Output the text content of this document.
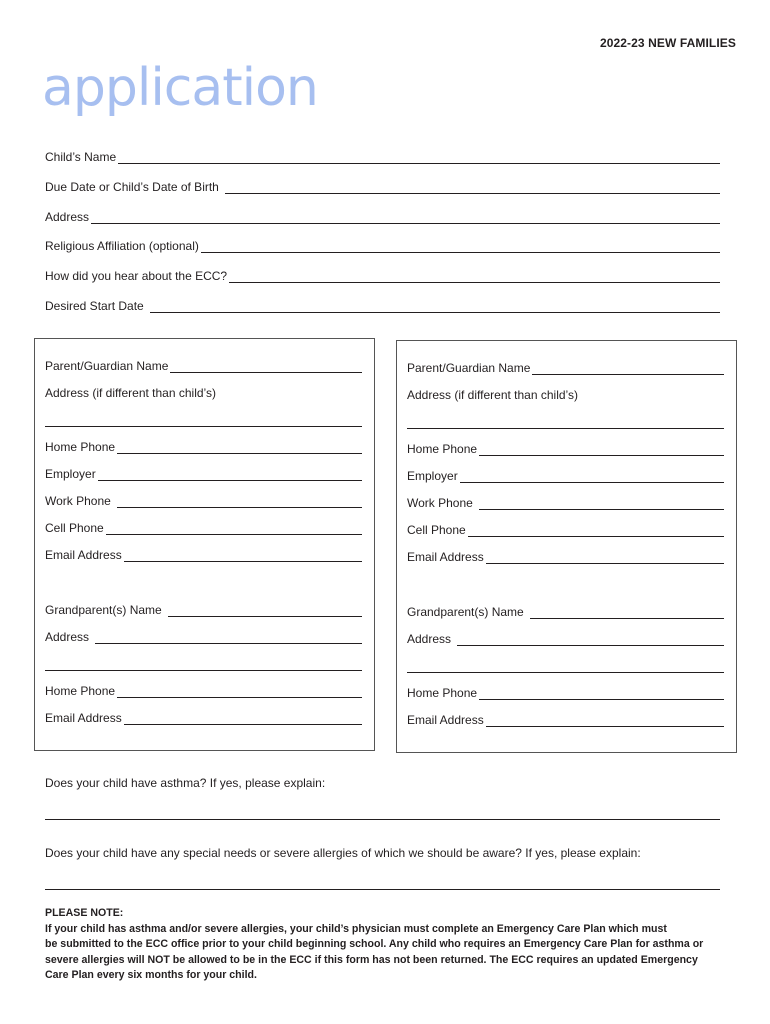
2022-23 NEW FAMILIES
application
Child’s Name
Due Date or Child’s Date of Birth
Address
Religious Affiliation (optional)
How did you hear about the ECC?
Desired Start Date
Parent/Guardian Name
Address (if different than child’s)
Home Phone
Employer
Work Phone
Cell Phone
Email Address
Grandparent(s) Name
Address
Home Phone
Email Address
Parent/Guardian Name
Address (if different than child’s)
Home Phone
Employer
Work Phone
Cell Phone
Email Address
Grandparent(s) Name
Address
Home Phone
Email Address
Does your child have asthma? If yes, please explain:
Does your child have any special needs or severe allergies of which we should be aware? If yes, please explain:

PLEASE NOTE:

If your child has asthma and/or severe allergies, your child’s physician must complete an Emergency Care Plan which must

be submitted to the ECC office prior to your child beginning school. Any child who requires an Emergency Care Plan for asthma or

severe allergies will NOT be allowed to be in the ECC if this form has not been returned. The ECC requires an updated Emergency

Care Plan every six months for your child.
